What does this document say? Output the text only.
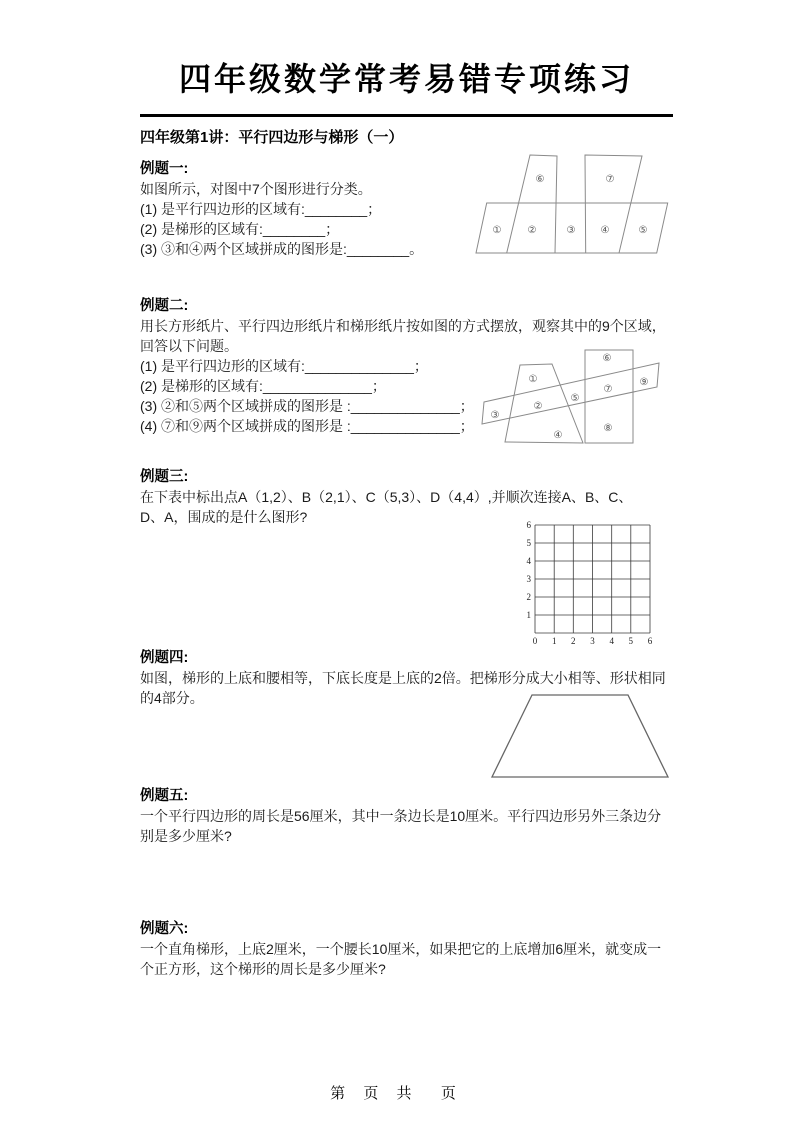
四年级数学常考易错专项练习
四年级第1讲：平行四边形与梯形（一）
例题一:
如图所示，对图中7个图形进行分类。
(1) 是平行四边形的区域有:________；
(2) 是梯形的区域有:________；
(3) ③和④两个区域拼成的图形是:________。
①	②	③	④	⑤
⑥	⑦
例题二:
用长方形纸片、平行四边形纸片和梯形纸片按如图的方式摆放，观察其中的9个区域，
回答以下问题。
(1) 是平行四边形的区域有:______________；
(2) 是梯形的区域有:______________；
(3) ②和⑤两个区域拼成的图形是 :______________；
(4) ⑦和⑨两个区域拼成的图形是 :______________；
①
②
③
④
⑤
⑥
⑦
⑧
⑨
例题三:
在下表中标出点A（1,2）、B（2,1）、C（5,3）、D（4,4）,并顺次连接A、B、C、
D、A，围成的是什么图形?	6
5
4
3
2
1
0 1 2 3 4 5 6
例题四:
如图，梯形的上底和腰相等，下底长度是上底的2倍。把梯形分成大小相等、形状相同
的4部分。
例题五:
一个平行四边形的周长是56厘米，其中一条边长是10厘米。平行四边形另外三条边分
别是多少厘米?
例题六:
一个直角梯形，上底2厘米，一个腰长10厘米，如果把它的上底增加6厘米，就变成一
个正方形，这个梯形的周长是多少厘米?
第 页 共  页
